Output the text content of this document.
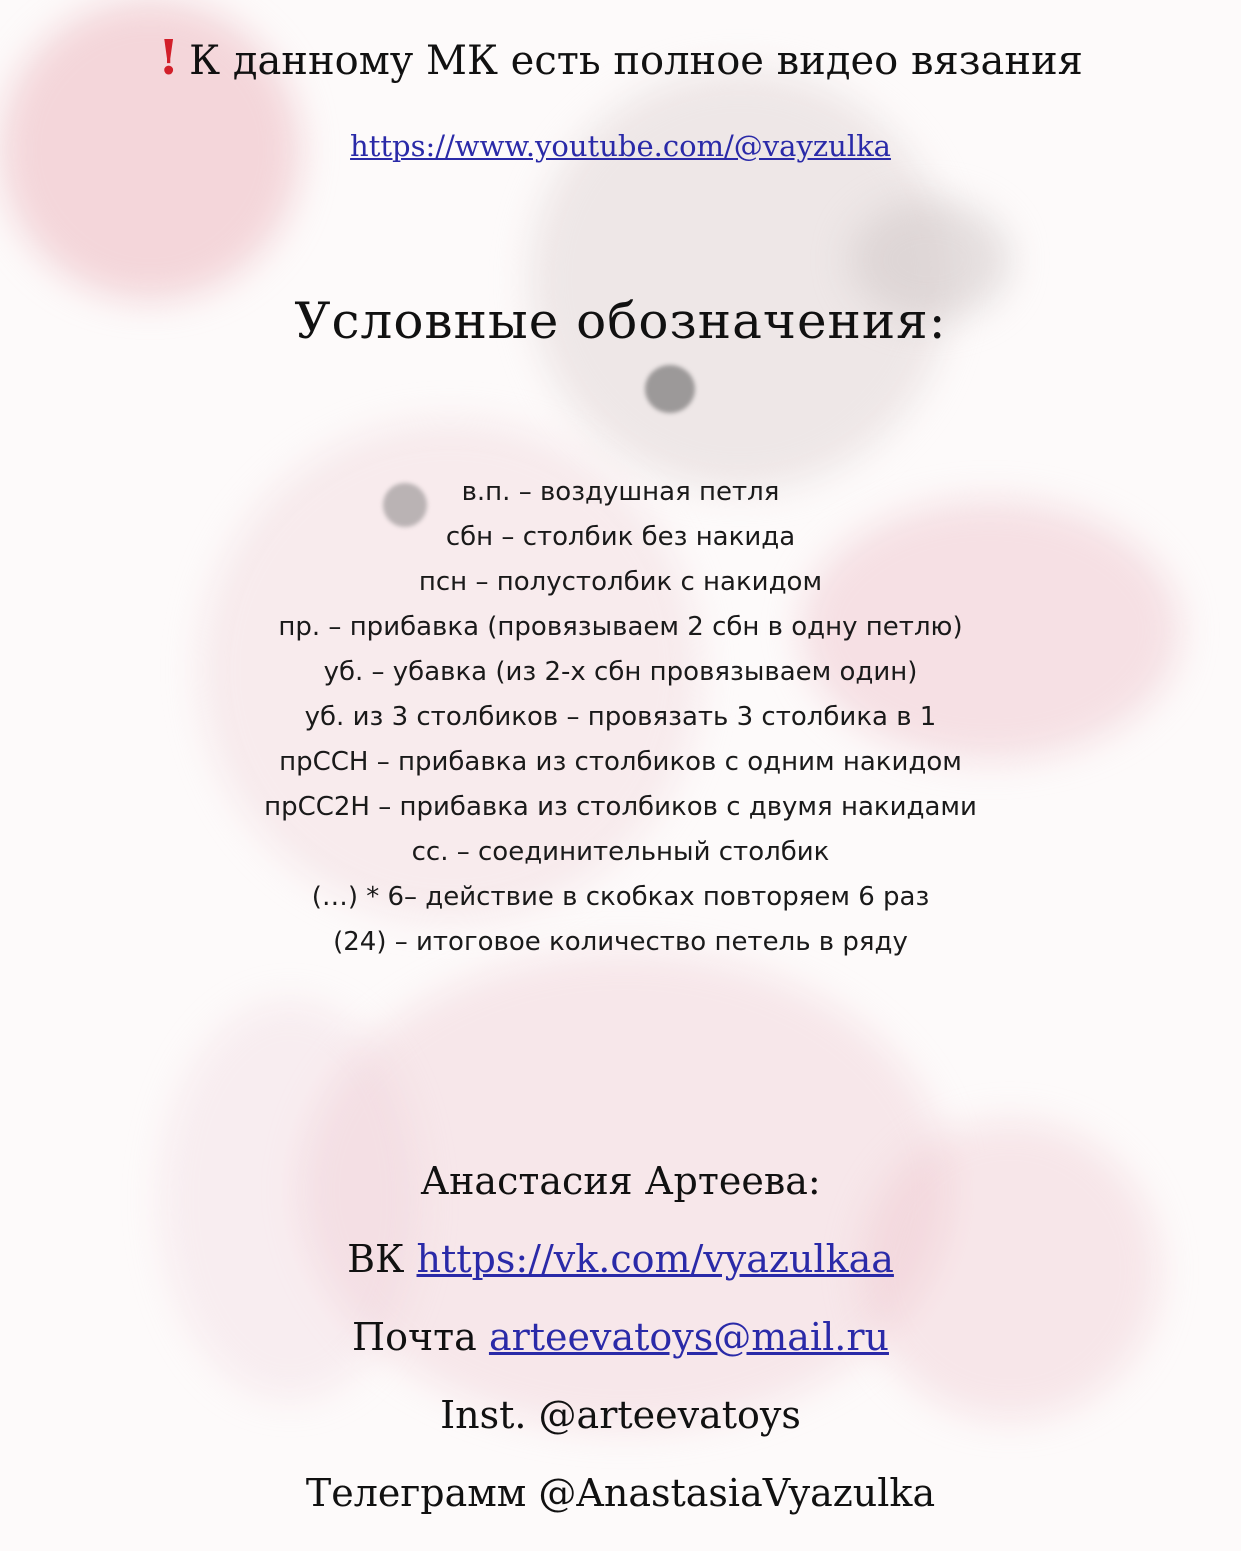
! К данному МК есть полное видео вязания
https://www.youtube.com/@vayzulka
Условные обозначения:
в.п. – воздушная петля
сбн – столбик без накида
псн – полустолбик с накидом
пр. – прибавка (провязываем 2 сбн в одну петлю)
уб. – убавка (из 2-х сбн провязываем один)
уб. из 3 столбиков – провязать 3 столбика в 1
прССН – прибавка из столбиков с одним накидом
прСС2Н – прибавка из столбиков с двумя накидами
сс. – соединительный столбик
(…) * 6– действие в скобках повторяем 6 раз
(24) – итоговое количество петель в ряду
Анастасия Артеева:
ВК https://vk.com/vyazulkaa
Почта arteevatoys@mail.ru
Inst. @arteevatoys
Телеграмм @AnastasiaVyazulka
